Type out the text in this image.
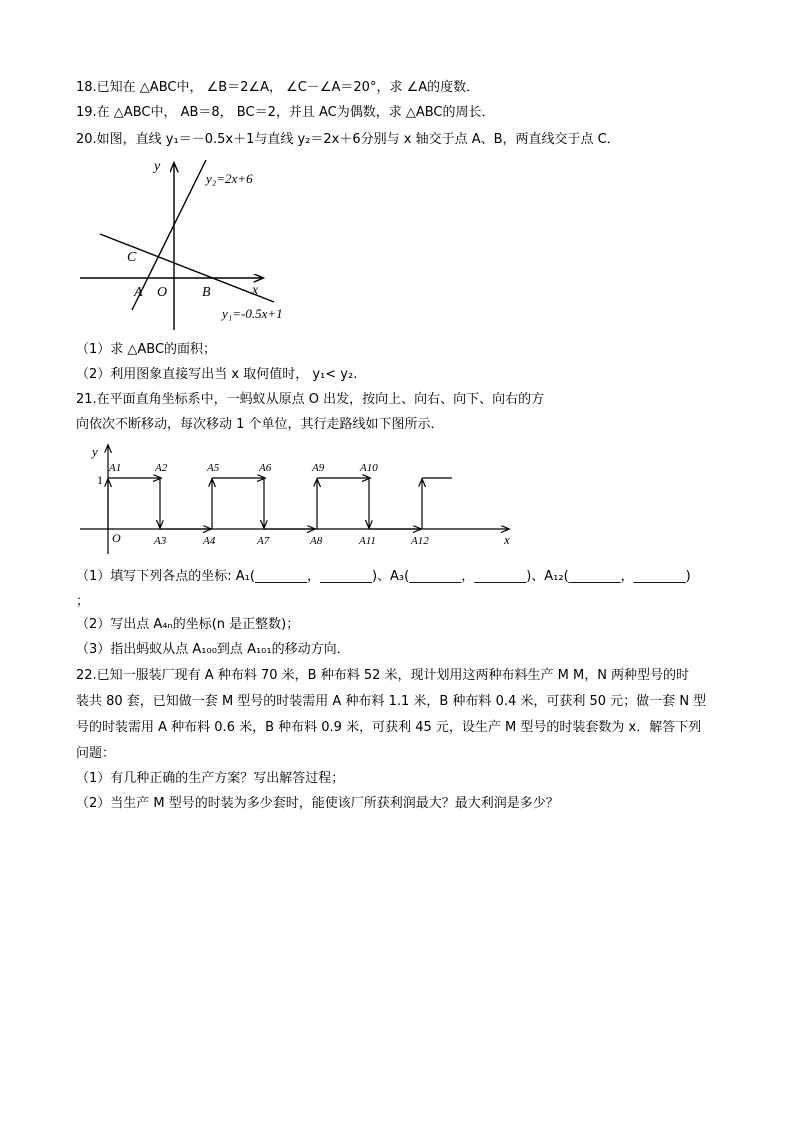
18.已知在 △ABC中， ∠B＝2∠A， ∠C－∠A＝20°，求 ∠A的度数．
19.在 △ABC中， AB＝8， BC＝2，并且 AC为偶数，求 △ABC的周长．
20.如图，直线 y₁＝－0.5x＋1与直线 y₂＝2x＋6分别与 x 轴交于点 A、B，两直线交于点 C．
y
x
y₂=2x+6
y₁=-0.5x+1
C
A O B
（1）求 △ABC的面积；
（2）利用图象直接写出当 x 取何值时， y₁< y₂.
21.在平面直角坐标系中，一蚂蚁从原点 O 出发，按向上、向右、向下、向右的方
向依次不断移动，每次移动 1 个单位，其行走路线如下图所示．
y
x
1
O
A1	A2	A5	A6	A9	A10
A3	A4	A7	A8	A11	A12
（1）填写下列各点的坐标: A₁(________，________)、A₃(________，________)、A₁₂(________，________)
；
（2）写出点 A₄ₙ的坐标(n 是正整数)；
（3）指出蚂蚁从点 A₁₀₀到点 A₁₀₁的移动方向．
22.已知一服装厂现有 A 种布料 70 米，B 种布料 52 米，现计划用这两种布料生产 M M，N 两种型号的时
装共 80 套，已知做一套 M 型号的时装需用 A 种布料 1.1 米，B 种布料 0.4 米，可获利 50 元；做一套 N 型
号的时装需用 A 种布料 0.6 米，B 种布料 0.9 米，可获利 45 元，设生产 M 型号的时装套数为 x．解答下列
问题：
（1）有几种正确的生产方案？写出解答过程；
（2）当生产 M 型号的时装为多少套时，能使该厂所获利润最大？最大利润是多少？
